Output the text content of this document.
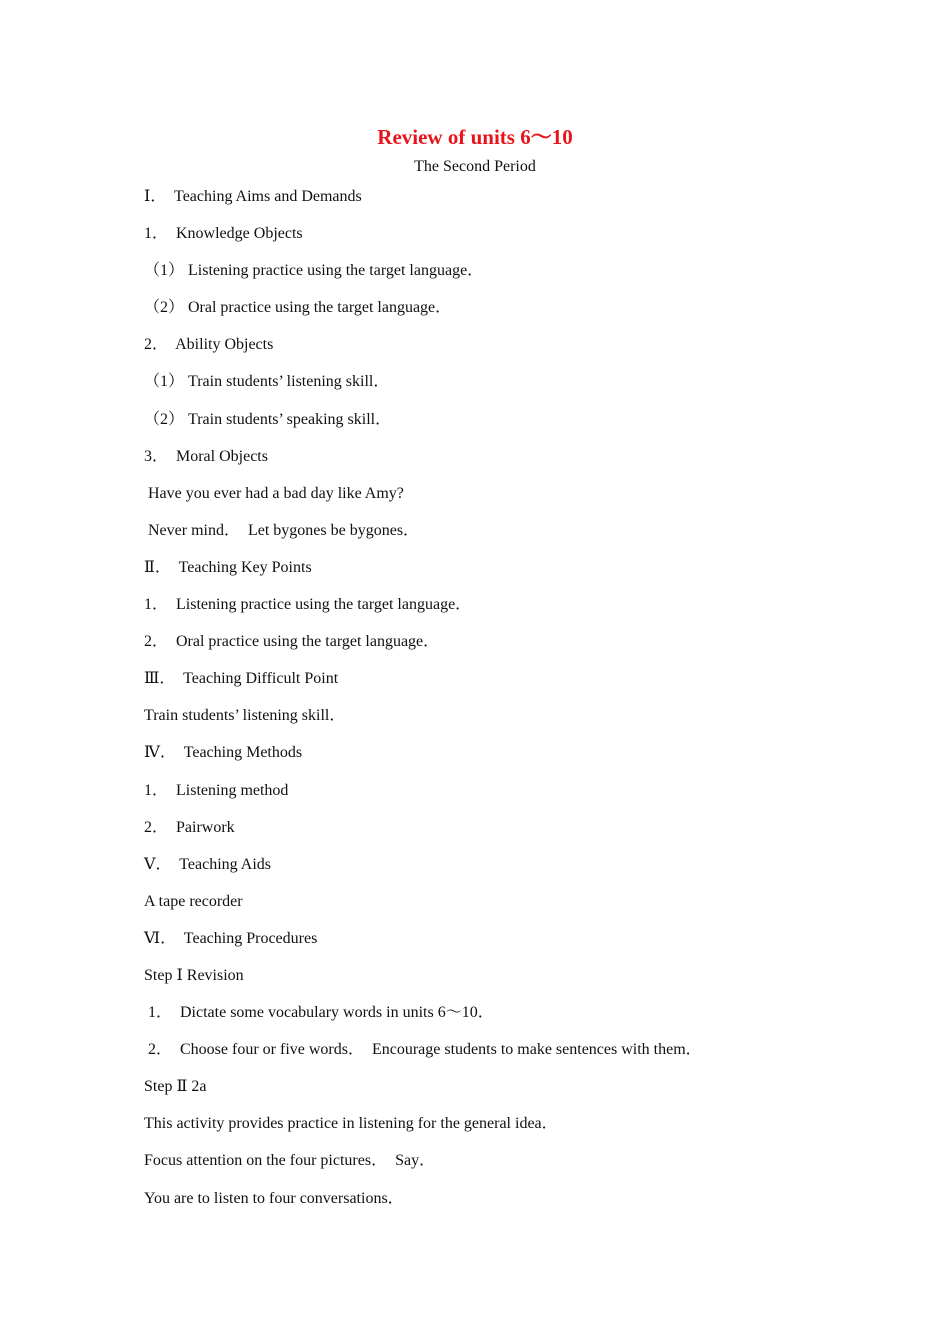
Review of units 6～10
The Second Period
Ⅰ．  Teaching Aims and Demands
1．  Knowledge Objects
（1） Listening practice using the target language．
（2） Oral practice using the target language．
2．  Ability Objects
（1） Train students’ listening skill．
（2） Train students’ speaking skill．
3．  Moral Objects
Have you ever had a bad day like Amy?
Never mind．  Let bygones be bygones．
Ⅱ．  Teaching Key Points
1．  Listening practice using the target language．
2．  Oral practice using the target language．
Ⅲ．  Teaching Difficult Point
Train students’ listening skill．
Ⅳ．  Teaching Methods
1．  Listening method
2．  Pairwork
Ⅴ．  Teaching Aids
A tape recorder
Ⅵ．  Teaching Procedures
Step Ⅰ Revision
1．  Dictate some vocabulary words in units 6～10．
2．  Choose four or five words．  Encourage students to make sentences with them．
Step Ⅱ 2a
This activity provides practice in listening for the general idea．
Focus attention on the four pictures．  Say．
You are to listen to four conversations．
